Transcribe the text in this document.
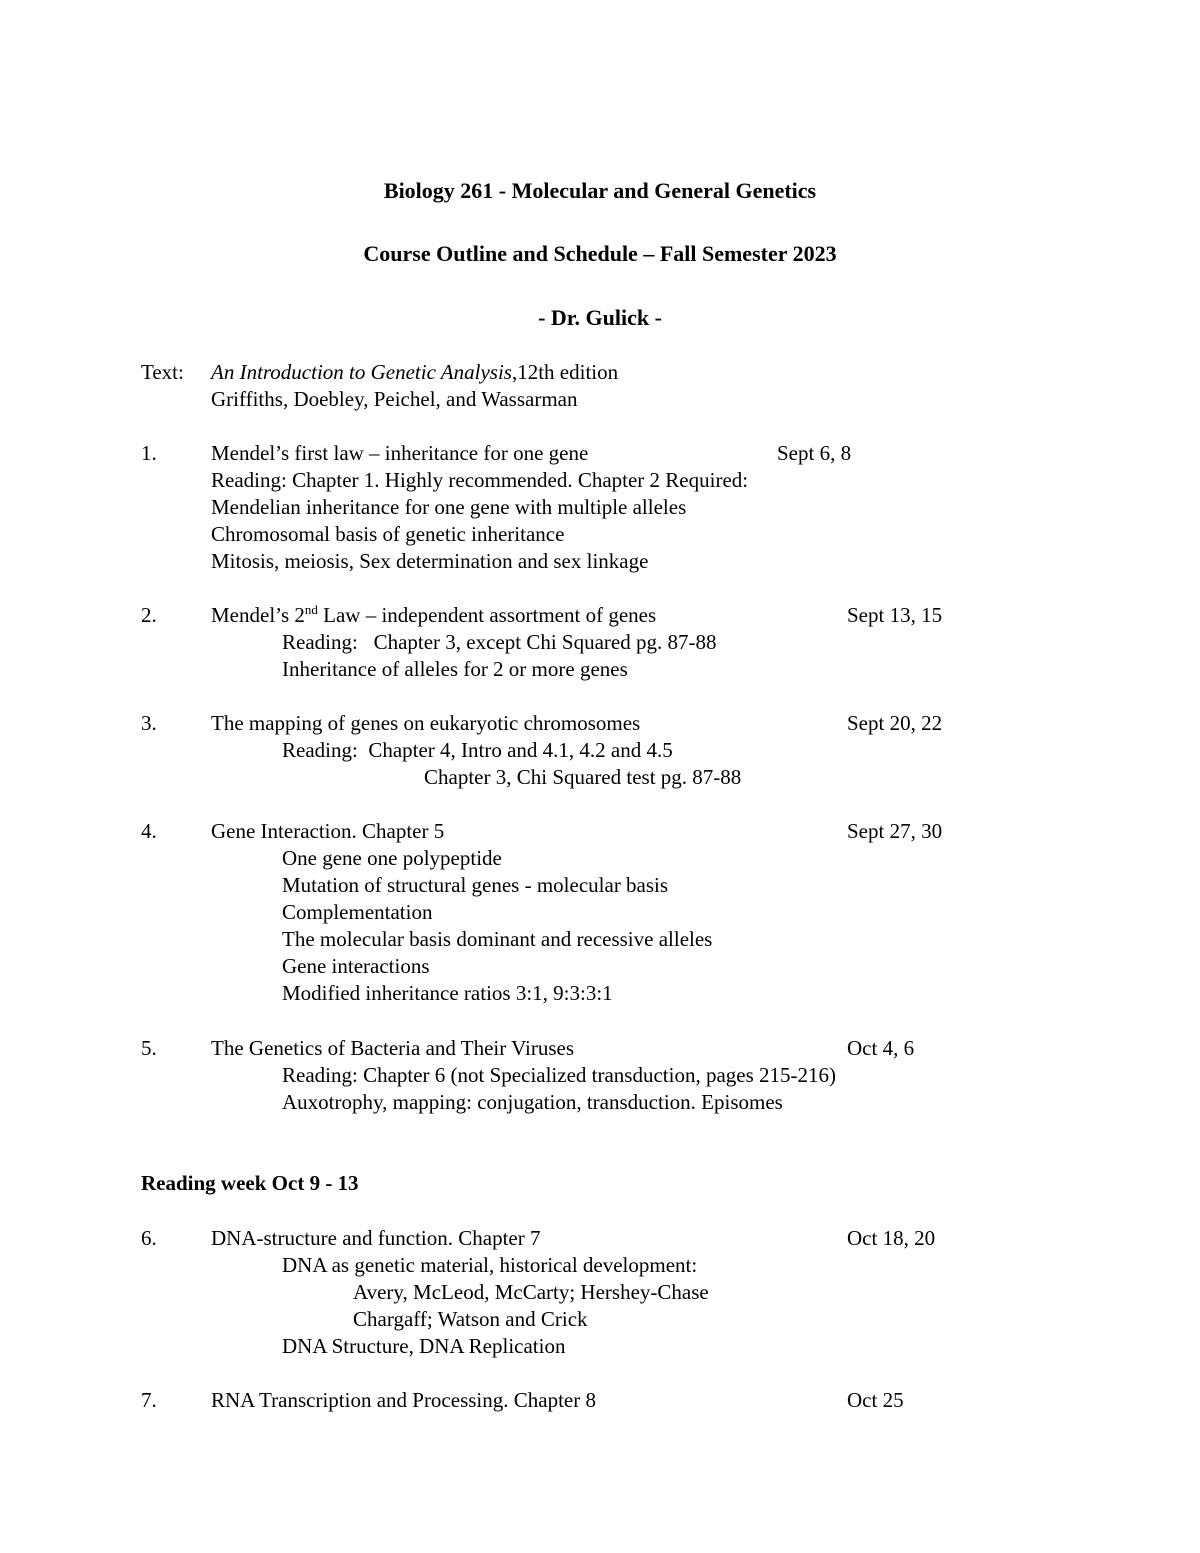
Biology 261 - Molecular and General Genetics
Course Outline and Schedule – Fall Semester 2023
- Dr. Gulick -
Text: An Introduction to Genetic Analysis,12th edition
Griffiths, Doebley, Peichel, and Wassarman
1.	Mendel’s first law – inheritance for one gene	Sept 6, 8
Reading: Chapter 1. Highly recommended. Chapter 2 Required:
Mendelian inheritance for one gene with multiple alleles
Chromosomal basis of genetic inheritance
Mitosis, meiosis, Sex determination and sex linkage
2.	Mendel’s 2nd Law – independent assortment of genes	Sept 13, 15
Reading:   Chapter 3, except Chi Squared pg. 87-88
Inheritance of alleles for 2 or more genes
3.	The mapping of genes on eukaryotic chromosomes	Sept 20, 22
Reading:  Chapter 4, Intro and 4.1, 4.2 and 4.5
Chapter 3, Chi Squared test pg. 87-88
4.	Gene Interaction. Chapter 5	Sept 27, 30
One gene one polypeptide
Mutation of structural genes - molecular basis
Complementation
The molecular basis dominant and recessive alleles
Gene interactions
Modified inheritance ratios 3:1, 9:3:3:1
5.	The Genetics of Bacteria and Their Viruses	Oct 4, 6
Reading: Chapter 6 (not Specialized transduction, pages 215-216)
Auxotrophy, mapping: conjugation, transduction. Episomes
Reading week Oct 9 - 13
6.	DNA-structure and function. Chapter 7	Oct 18, 20
DNA as genetic material, historical development:
Avery, McLeod, McCarty; Hershey-Chase
Chargaff; Watson and Crick
DNA Structure, DNA Replication
7.	RNA Transcription and Processing. Chapter 8	Oct 25
